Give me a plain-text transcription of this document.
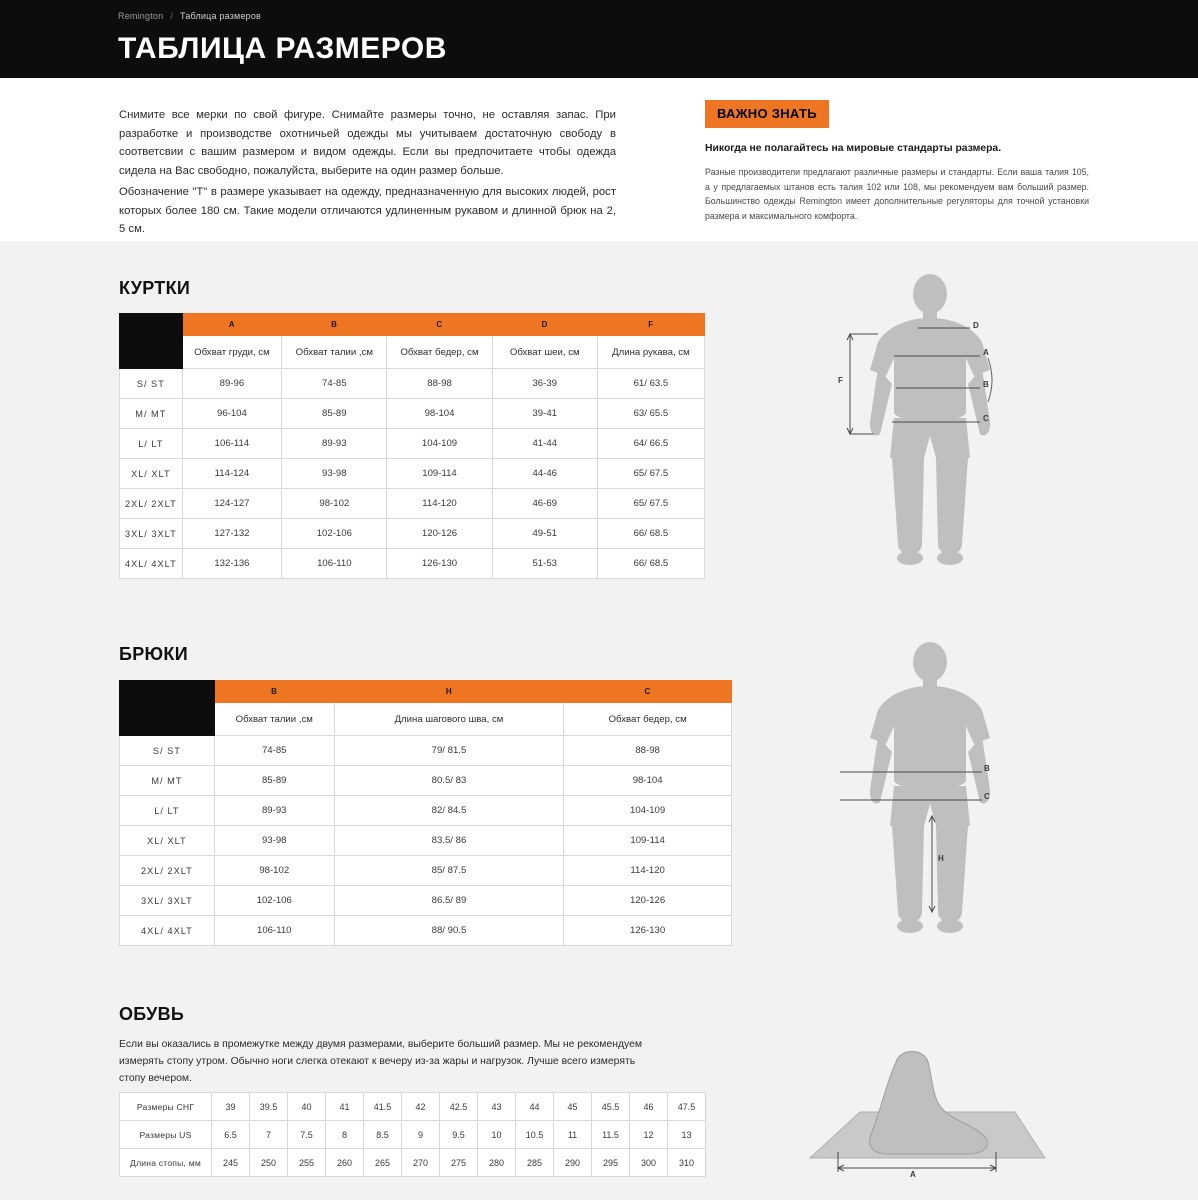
Remington / Таблица размеров
ТАБЛИЦА РАЗМЕРОВ

Снимите все мерки по свой фигуре. Снимайте размеры точно, не оставляя запас. При разработке и производстве охотничьей одежды мы учитываем достаточную свободу в соответсвии с вашим размером и видом одежды. Если вы предпочитаете чтобы одежда сидела на Вас свободно, пожалуйста, выберите на один размер больше.

Обозначение "Т" в размере указывает на одежду, предназначенную для высоких людей, рост которых более 180 см. Такие модели отличаются удлиненным рукавом и длинной брюк на 2, 5 см.

ВАЖНО ЗНАТЬ
Никогда не полагайтесь на мировые стандарты размера.
Разные производители предлагают различные размеры и стандарты. Если ваша талия 105, а у предлагаемых штанов есть талия 102 или 108, мы рекомендуем вам больший размер. Большинство одежды Remington имеет дополнительные регуляторы для точной установки размера и максимального комфорта.
КУРТКИ
	A	B	C	D	F
	Обхват груди, см	Обхват талии ,см	Обхват бедер, см	Обхват шеи, см	Длина рукава, см
S/ ST	89-96	74-85	88-98	36-39	61/ 63.5
M/ MT	96-104	85-89	98-104	39-41	63/ 65.5
L/ LT	106-114	89-93	104-109	41-44	64/ 66.5
XL/ XLT	114-124	93-98	109-114	44-46	65/ 67.5
2XL/ 2XLT	124-127	98-102	114-120	46-69	65/ 67.5
3XL/ 3XLT	127-132	102-106	120-126	49-51	66/ 68.5
4XL/ 4XLT	132-136	106-110	126-130	51-53	66/ 68.5
D
A
B
C
F
БРЮКИ
	B	H	C
	Обхват талии ,см	Длина шагового шва, см	Обхват бедер, см
S/ ST	74-85	79/ 81.5	88-98
M/ MT	85-89	80.5/ 83	98-104
L/ LT	89-93	82/ 84.5	104-109
XL/ XLT	93-98	83.5/ 86	109-114
2XL/ 2XLT	98-102	85/ 87.5	114-120
3XL/ 3XLT	102-106	86.5/ 89	120-126
4XL/ 4XLT	106-110	88/ 90.5	126-130
B
C
H
ОБУВЬ
Если вы оказались в промежутке между двумя размерами, выберите больший размер. Мы не рекомендуем измерять стопу утром. Обычно ноги слегка отекают к вечеру из-за жары и нагрузок. Лучше всего измерять стопу вечером.
Размеры СНГ	39	39.5	40	41	41.5	42	42.5	43	44	45	45.5	46	47.5
Размеры US	6.5	7	7.5	8	8.5	9	9.5	10	10.5	11	11.5	12	13
Длина стопы, мм	245	250	255	260	265	270	275	280	285	290	295	300	310
A
